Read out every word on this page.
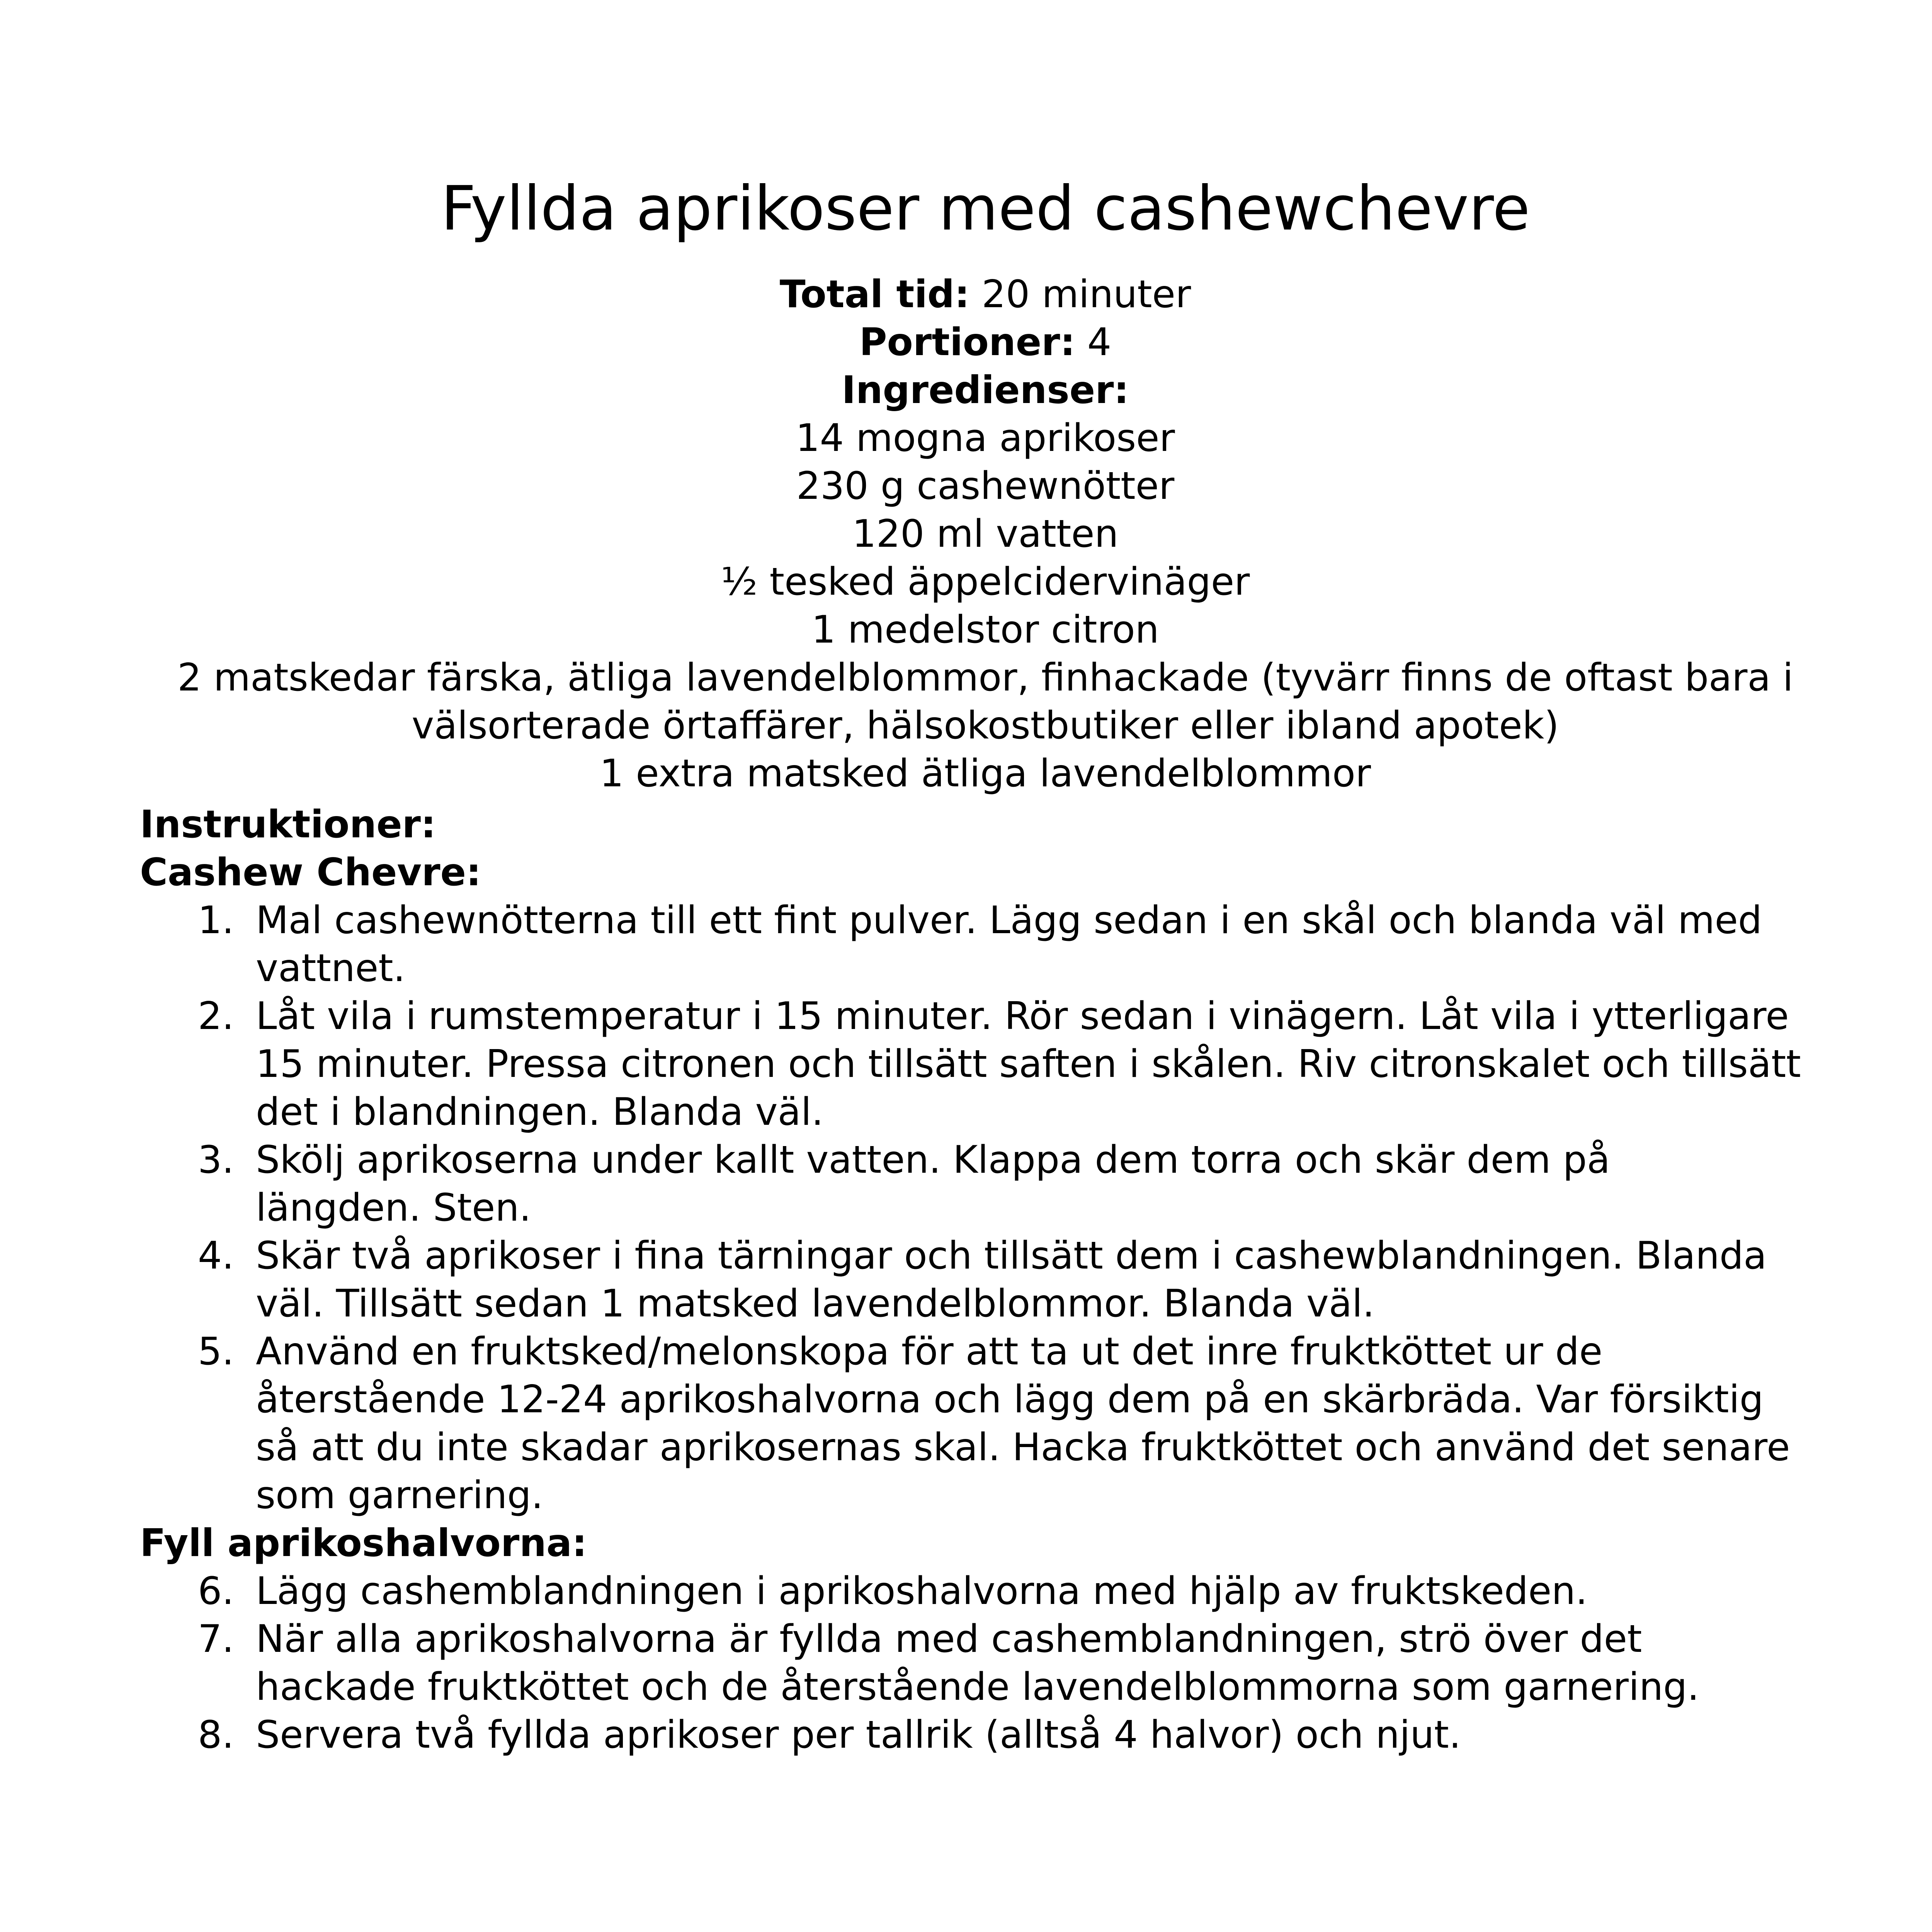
Fyllda aprikoser med cashewchevre
Total tid: 20 minuter
Portioner: 4
Ingredienser:
14 mogna aprikoser
230 g cashewnötter
120 ml vatten
½ tesked äppelcidervinäger
1 medelstor citron
2 matskedar färska, ätliga lavendelblommor, finhackade (tyvärr finns de oftast bara i
välsorterade örtaffärer, hälsokostbutiker eller ibland apotek)
1 extra matsked ätliga lavendelblommor
Instruktioner:
Cashew Chevre:
1. Mal cashewnötterna till ett fint pulver. Lägg sedan i en skål och blanda väl med
vattnet.
2. Låt vila i rumstemperatur i 15 minuter. Rör sedan i vinägern. Låt vila i ytterligare
15 minuter. Pressa citronen och tillsätt saften i skålen. Riv citronskalet och tillsätt
det i blandningen. Blanda väl.
3. Skölj aprikoserna under kallt vatten. Klappa dem torra och skär dem på
längden. Sten.
4. Skär två aprikoser i fina tärningar och tillsätt dem i cashewblandningen. Blanda
väl. Tillsätt sedan 1 matsked lavendelblommor. Blanda väl.
5. Använd en fruktsked/melonskopa för att ta ut det inre fruktköttet ur de
återstående 12-24 aprikoshalvorna och lägg dem på en skärbräda. Var försiktig
så att du inte skadar aprikosernas skal. Hacka fruktköttet och använd det senare
som garnering.
Fyll aprikoshalvorna:
6. Lägg cashemblandningen i aprikoshalvorna med hjälp av fruktskeden.
7. När alla aprikoshalvorna är fyllda med cashemblandningen, strö över det
hackade fruktköttet och de återstående lavendelblommorna som garnering.
8. Servera två fyllda aprikoser per tallrik (alltså 4 halvor) och njut.
